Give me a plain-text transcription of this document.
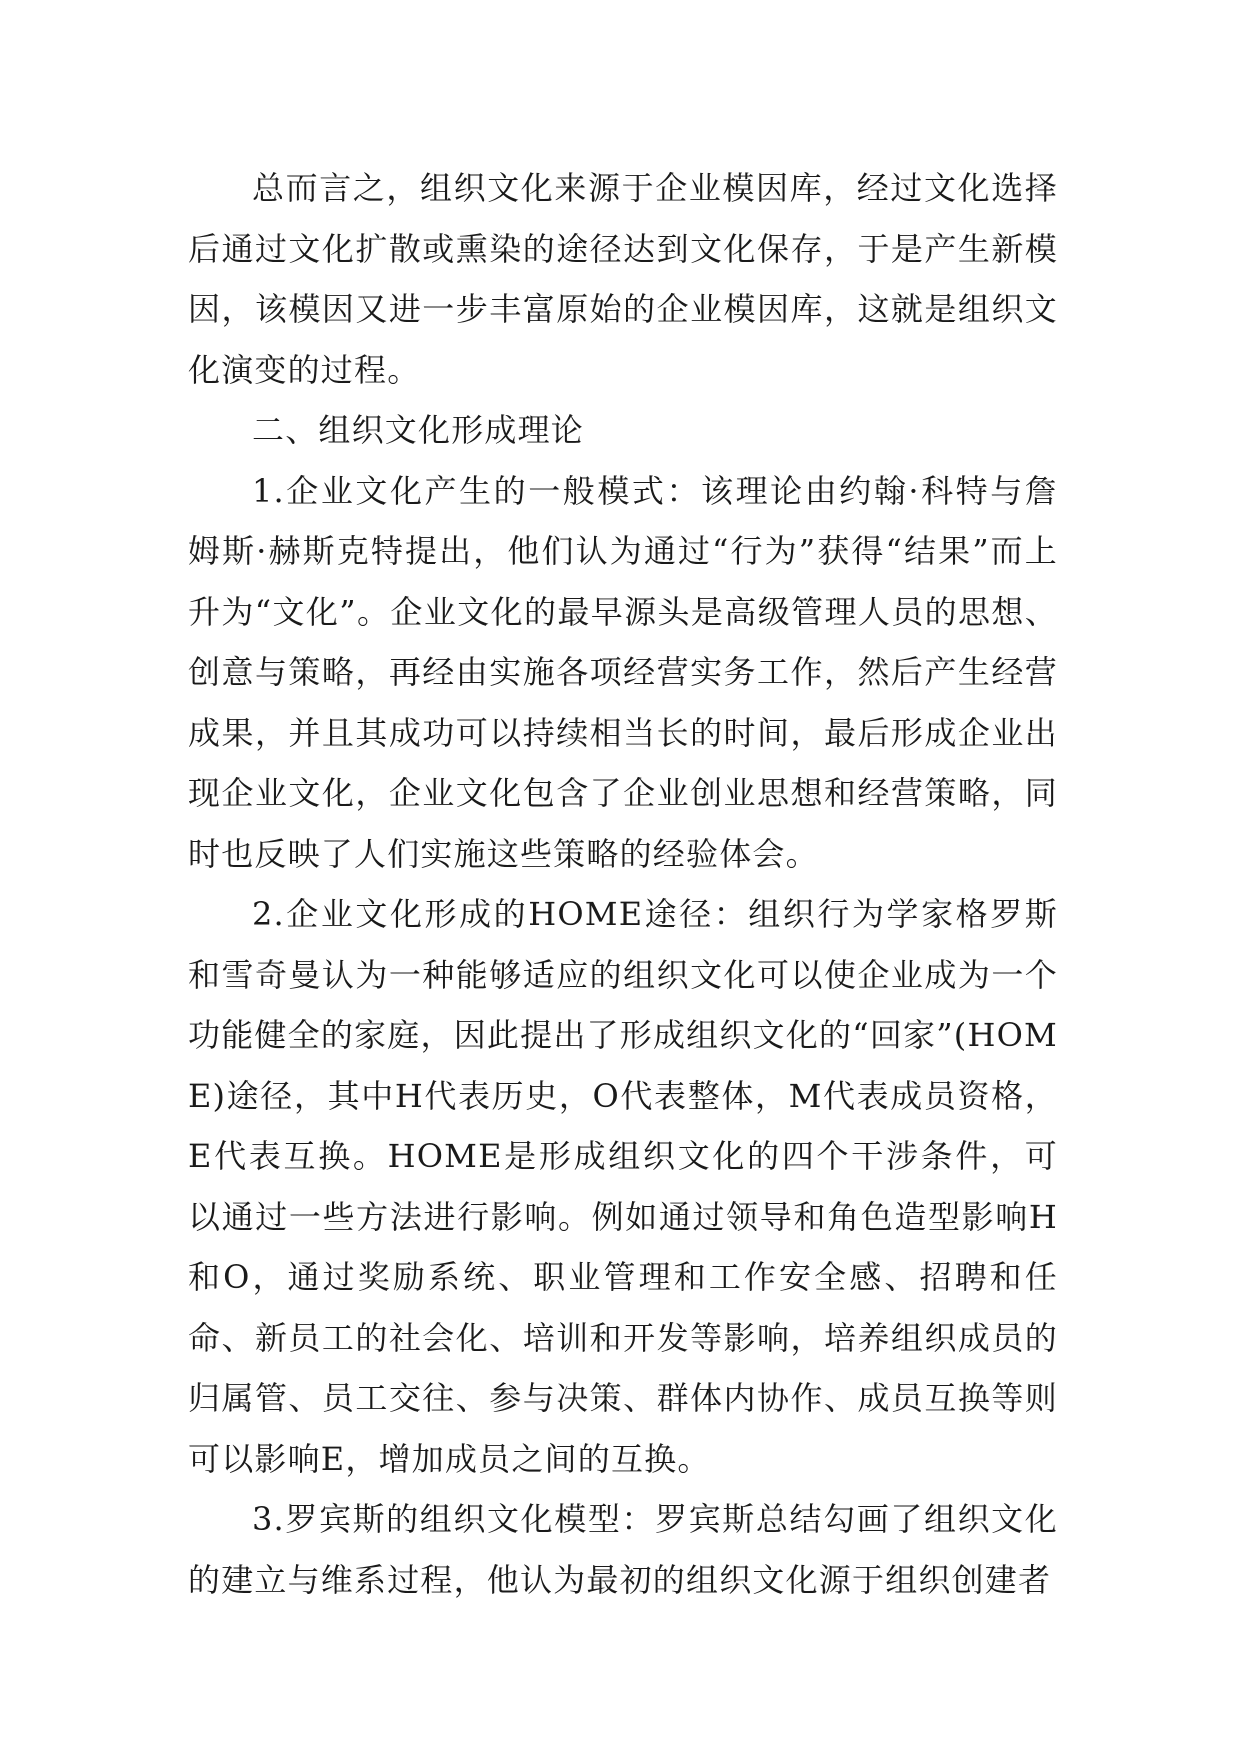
总而言之，组织文化来源于企业模因库，经过文化选择后通过文化扩散或熏染的途径达到文化保存，于是产生新模因，该模因又进一步丰富原始的企业模因库，这就是组织文化演变的过程。

二、组织文化形成理论

1.企业文化产生的一般模式：该理论由约翰·科特与詹姆斯·赫斯克特提出，他们认为通过“行为”获得“结果”而上升为“文化”。企业文化的最早源头是高级管理人员的思想、创意与策略，再经由实施各项经营实务工作，然后产生经营成果，并且其成功可以持续相当长的时间，最后形成企业出现企业文化，企业文化包含了企业创业思想和经营策略，同时也反映了人们实施这些策略的经验体会。

2.企业文化形成的HOME途径：组织行为学家格罗斯和雪奇曼认为一种能够适应的组织文化可以使企业成为一个功能健全的家庭，因此提出了形成组织文化的“回家”(HOME)途径，其中H代表历史，O代表整体，M代表成员资格，E代表互换。HOME是形成组织文化的四个干涉条件，可以通过一些方法进行影响。例如通过领导和角色造型影响H和O，通过奖励系统、职业管理和工作安全感、招聘和任命、新员工的社会化、培训和开发等影响，培养组织成员的归属管、员工交往、参与决策、群体内协作、成员互换等则可以影响E，增加成员之间的互换。

3.罗宾斯的组织文化模型：罗宾斯总结勾画了组织文化的建立与维系过程，他认为最初的组织文化源于组织创建者
